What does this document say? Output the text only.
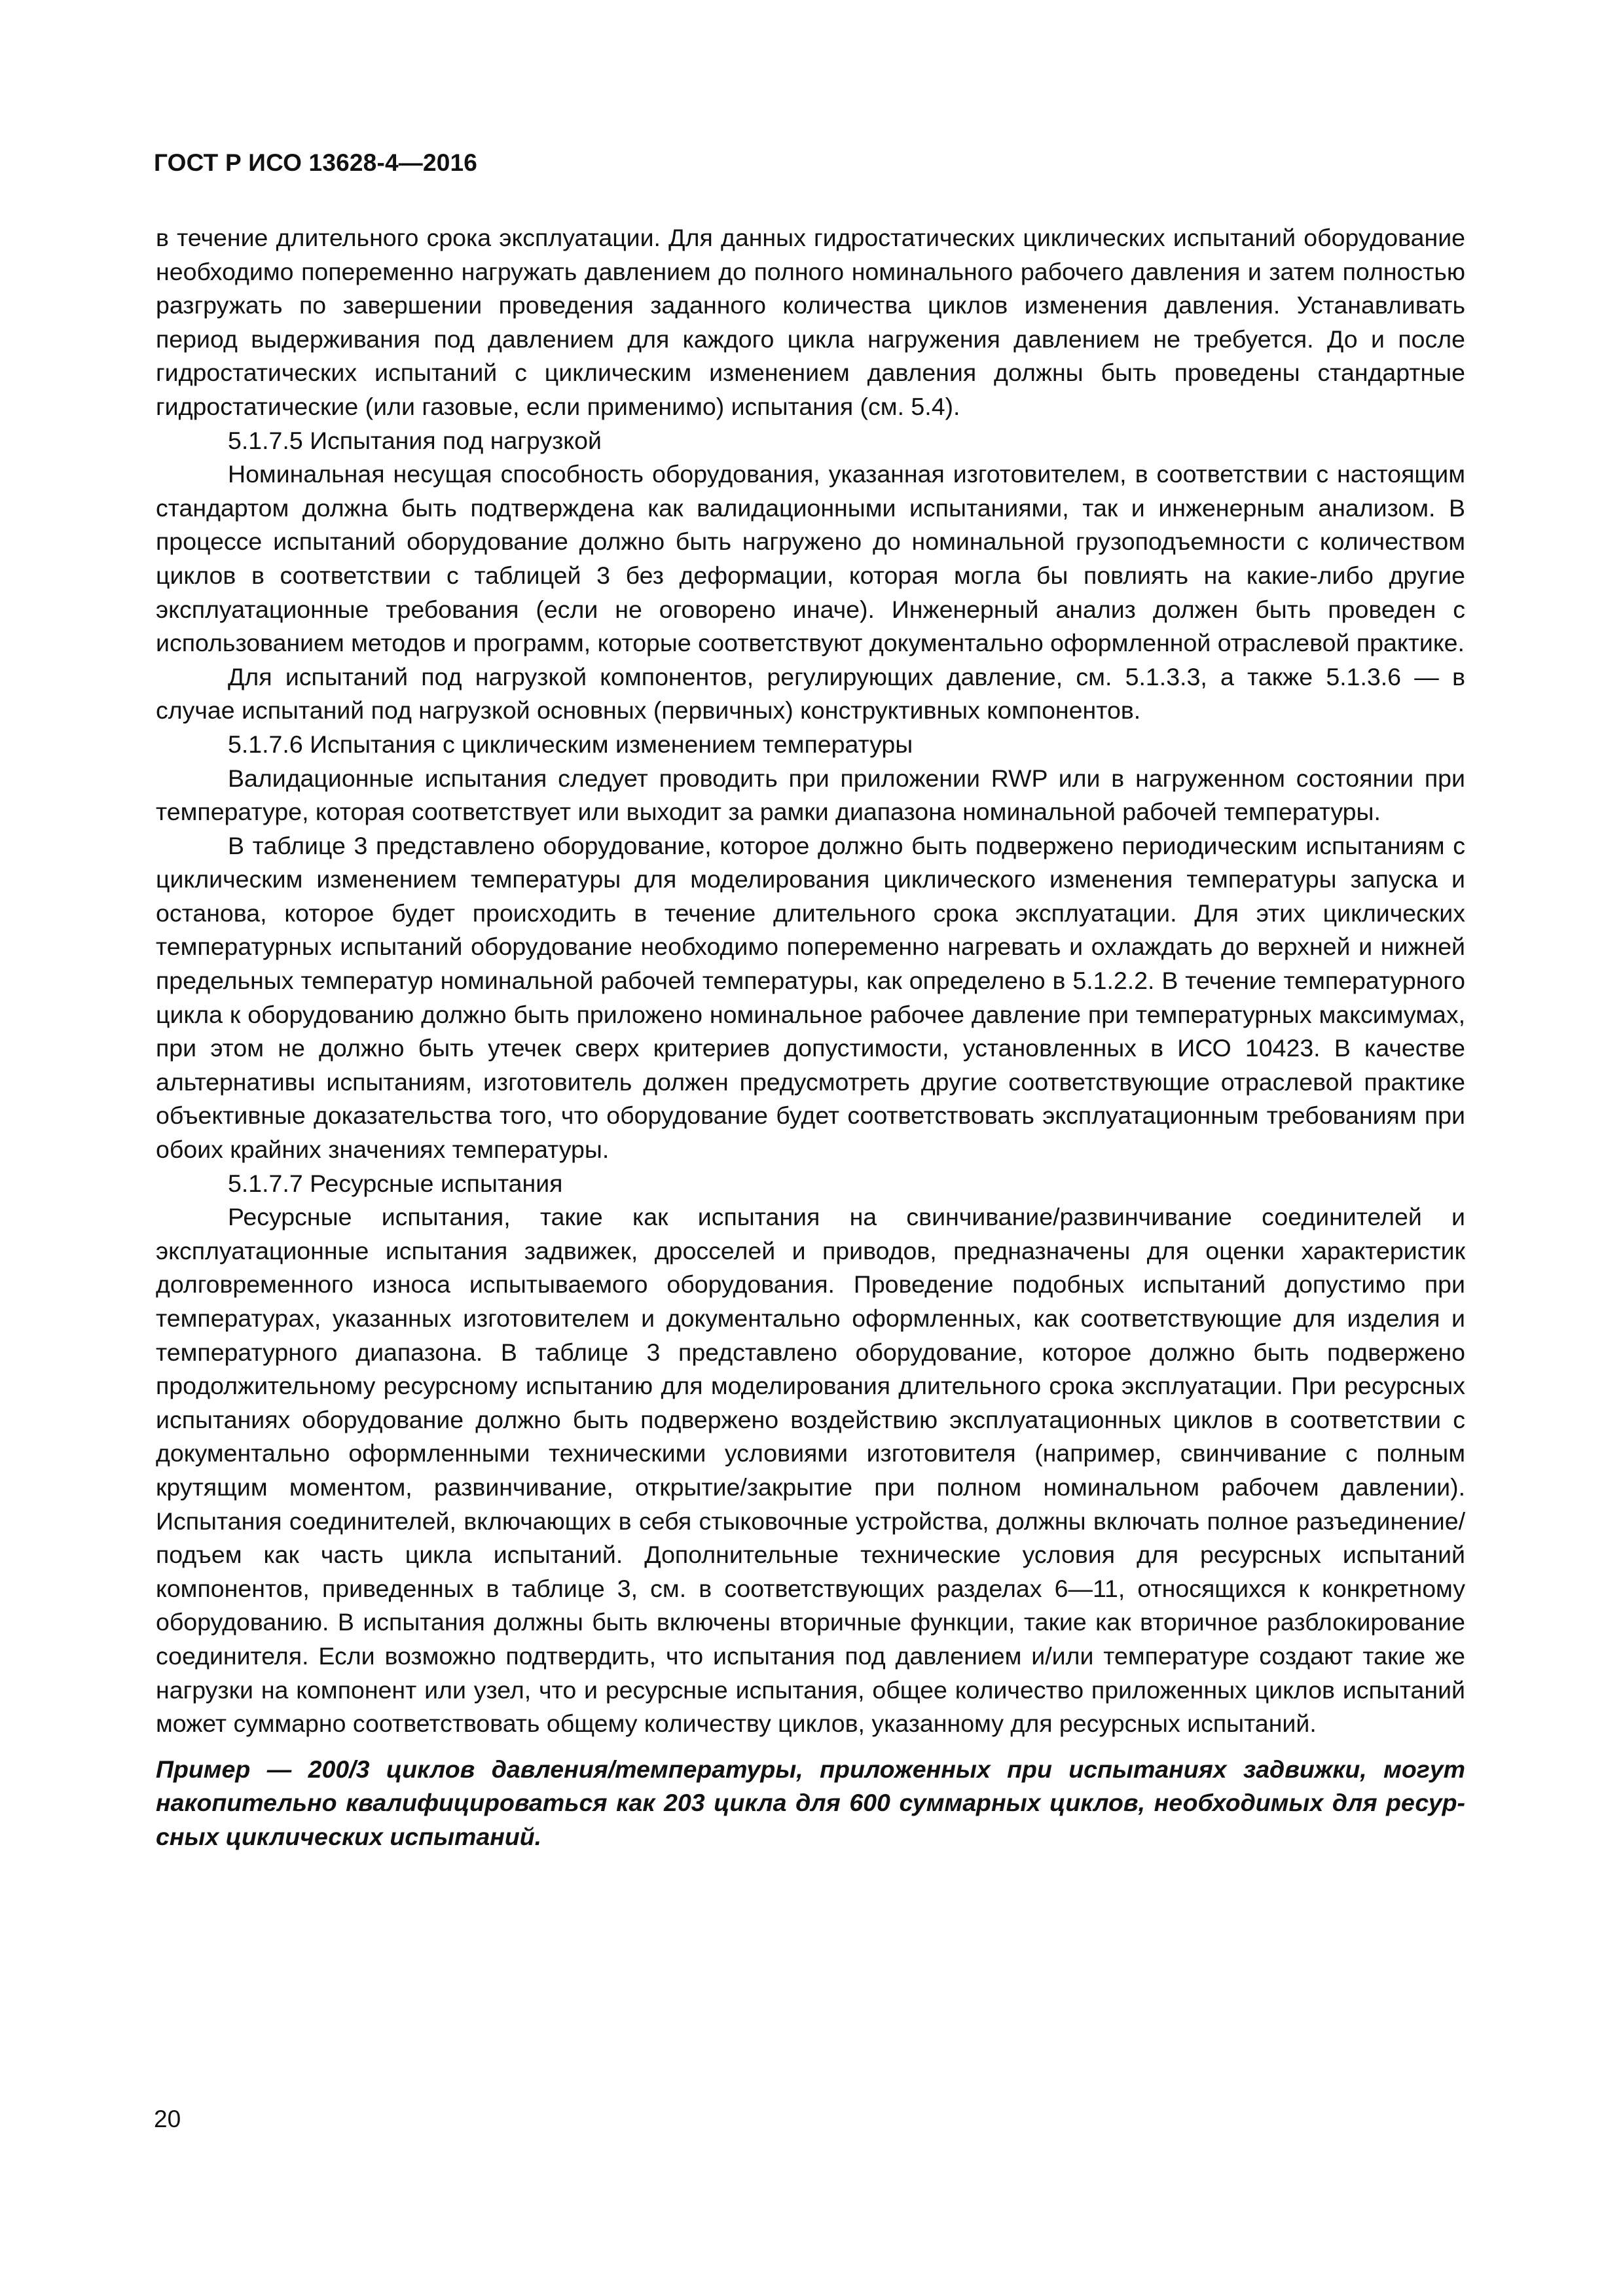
ГОСТ Р ИСО 13628-4—2016

в течение длительного срока эксплуатации. Для данных гидростатических циклических испытаний оборудование необходимо попеременно нагружать давлением до полного номинального рабочего давления и затем полностью разгружать по завершении проведения заданного количества циклов изменения давления. Устанавливать период выдерживания под давлением для каждого цикла нагружения давлением не требуется. До и после гидростатических испытаний с циклическим изменением давления должны быть проведены стандартные гидростатические (или газовые, если применимо) испытания (см. 5.4).

5.1.7.5 Испытания под нагрузкой

Номинальная несущая способность оборудования, указанная изготовителем, в соответствии с настоящим стандартом должна быть подтверждена как валидационными испытаниями, так и инженерным анализом. В процессе испытаний оборудование должно быть нагружено до номинальной грузоподъемности с количеством циклов в соответствии с таблицей 3 без деформации, которая могла бы повлиять на какие-либо другие эксплуатационные требования (если не оговорено иначе). Инженерный анализ должен быть проведен с использованием методов и программ, которые соответствуют документально оформленной отраслевой практике.

Для испытаний под нагрузкой компонентов, регулирующих давление, см. 5.1.3.3, а также 5.1.3.6 — в случае испытаний под нагрузкой основных (первичных) конструктивных компонентов.

5.1.7.6 Испытания с циклическим изменением температуры

Валидационные испытания следует проводить при приложении RWP или в нагруженном состоянии при температуре, которая соответствует или выходит за рамки диапазона номинальной рабочей температуры.

В таблице 3 представлено оборудование, которое должно быть подвержено периодическим испытаниям с циклическим изменением температуры для моделирования циклического изменения температуры запуска и останова, которое будет происходить в течение длительного срока эксплуатации. Для этих циклических температурных испытаний оборудование необходимо попеременно нагревать и охлаждать до верхней и нижней предельных температур номинальной рабочей температуры, как определено в 5.1.2.2. В течение температурного цикла к оборудованию должно быть приложено номинальное рабочее давление при температурных максимумах, при этом не должно быть утечек сверх критериев допустимости, установленных в ИСО 10423. В качестве альтернативы испытаниям, изготовитель должен предусмотреть другие соответствующие отраслевой практике объективные доказательства того, что оборудование будет соответствовать эксплуатационным требованиям при обоих крайних значениях температуры.

5.1.7.7 Ресурсные испытания

Ресурсные испытания, такие как испытания на свинчивание/развинчивание соединителей и эксплуатационные испытания задвижек, дросселей и приводов, предназначены для оценки характеристик долговременного износа испытываемого оборудования. Проведение подобных испытаний допустимо при температурах, указанных изготовителем и документально оформленных, как соответствующие для изделия и температурного диапазона. В таблице 3 представлено оборудование, которое должно быть подвержено продолжительному ресурсному испытанию для моделирования длительного срока эксплуатации. При ресурсных испытаниях оборудование должно быть подвержено воздействию эксплуатационных циклов в соответствии с документально оформленными техническими условиями изготовителя (например, свинчивание с полным крутящим моментом, развинчивание, открытие/закрытие при полном номинальном рабочем давлении). Испытания соединителей, включающих в себя стыковочные устройства, должны включать полное разъединение/подъем как часть цикла испытаний. Дополнительные технические условия для ресурсных испытаний компонентов, приведенных в таблице 3, см. в соответствующих разделах 6—11, относящихся к конкретному оборудованию. В испытания должны быть включены вторичные функции, такие как вторичное разблокирование соединителя. Если возможно подтвердить, что испытания под давлением и/или температуре создают такие же нагрузки на компонент или узел, что и ресурсные испытания, общее количество приложенных циклов испытаний может суммарно соответствовать общему количеству циклов, указанному для ресурсных испытаний.

Пример — 200/3 циклов давления/температуры, приложенных при испытаниях задвижки, могут накопительно квалифицироваться как 203 цикла для 600 суммарных циклов, необходимых для ресурсных циклических испытаний.

20
